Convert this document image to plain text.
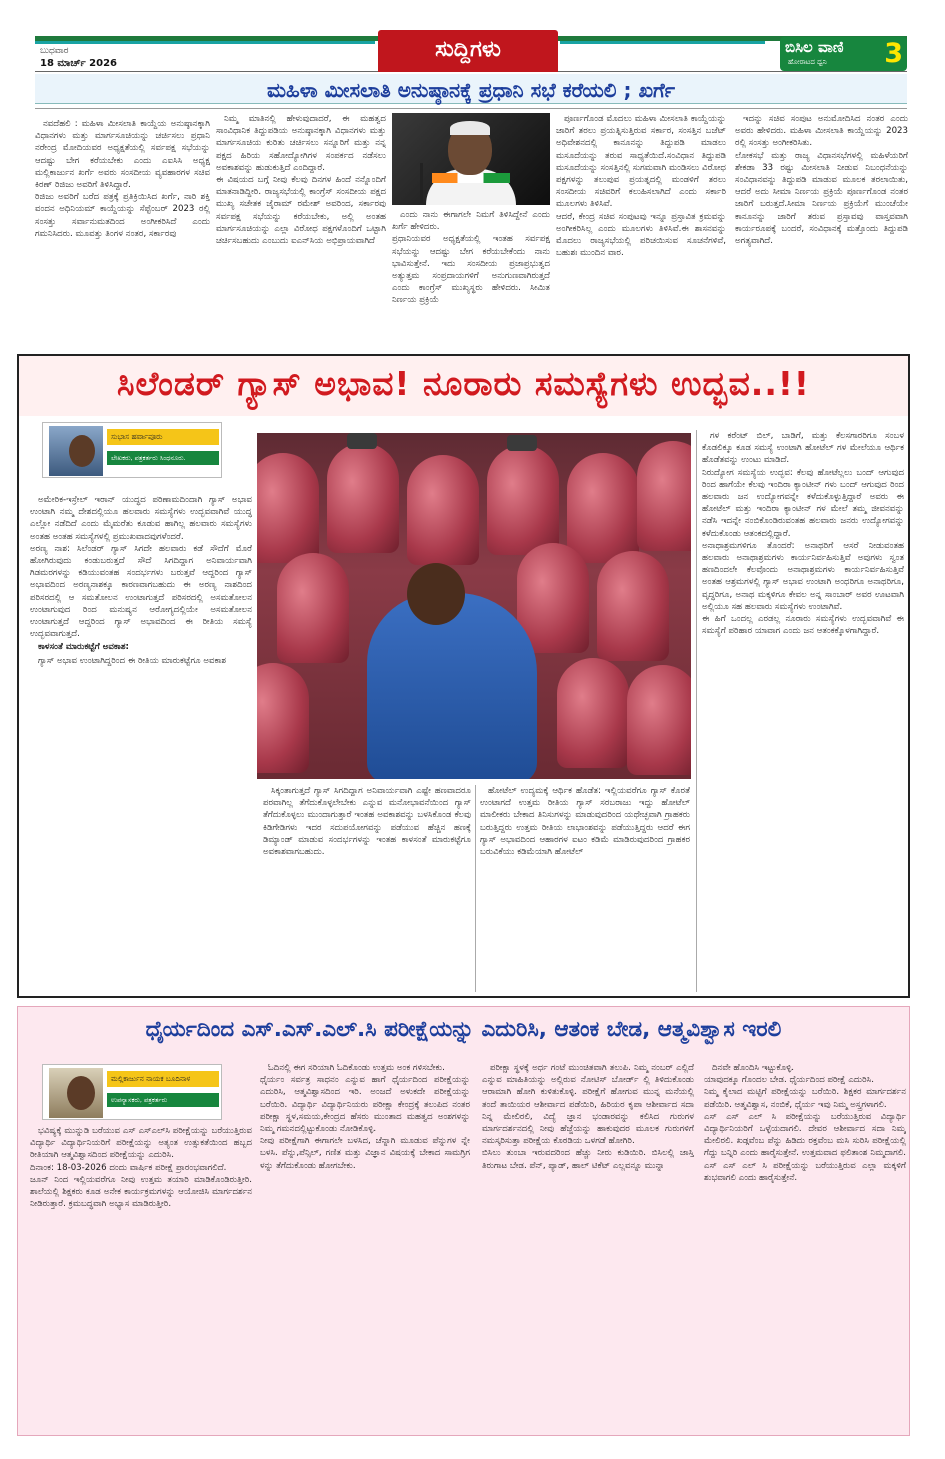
ಬುಧವಾರ
18 ಮಾರ್ಚ್ 2026
ಸುದ್ದಿಗಳು	ಬಿಸಿಲ ವಾಣಿ
ಹೋರಾಟದ ಧ್ವನಿ 3
ಮಹಿಳಾ ಮೀಸಲಾತಿ ಅನುಷ್ಠಾನಕ್ಕೆ ಪ್ರಧಾನಿ ಸಭೆ ಕರೆಯಲಿ ; ಖರ್ಗೆ

ನವದೆಹಲಿ : ಮಹಿಳಾ ಮೀಸಲಾತಿ ಕಾಯ್ದೆಯ ಅನುಷ್ಠಾನಕ್ಕಾಗಿ ವಿಧಾನಗಳು ಮತ್ತು ಮಾರ್ಗಸೂಚಿಯನ್ನು ಚರ್ಚಿಸಲು ಪ್ರಧಾನಿ ನರೇಂದ್ರ ಮೋದಿಯವರ ಅಧ್ಯಕ್ಷತೆಯಲ್ಲಿ ಸರ್ವಪಕ್ಷ ಸಭೆಯನ್ನು ಆದಷ್ಟು ಬೇಗ ಕರೆಯಬೇಕು ಎಂದು ಎಐಸಿಸಿ ಅಧ್ಯಕ್ಷ ಮಲ್ಲಿಕಾರ್ಜುನ ಖರ್ಗೆ ಅವರು ಸಂಸದೀಯ ವ್ಯವಹಾರಗಳ ಸಚಿವ ಕಿರಣ್ ರಿಜಿಜು ಅವರಿಗೆ ತಿಳಿಸಿದ್ದಾರೆ.
ರಿಜಿಜು ಅವರಿಗೆ ಬರೆದ ಪತ್ರಕ್ಕೆ ಪ್ರತಿಕ್ರಿಯಿಸಿದ ಖರ್ಗೆ, ನಾರಿ ಶಕ್ತಿ ವಂದನ ಅಧಿನಿಯಮ್ ಕಾಯ್ದೆಯನ್ನು ಸೆಪ್ಟೆಂಬರ್ 2023 ರಲ್ಲಿ ಸಂಸತ್ತು ಸರ್ವಾನುಮತದಿಂದ ಅಂಗೀಕರಿಸಿದೆ ಎಂದು ಗಮನಿಸಿದರು. ಮೂವತ್ತು ತಿಂಗಳ ನಂತರ, ಸರ್ಕಾರವು

ನಿಮ್ಮ ಮಾತಿನಲ್ಲಿ ಹೇಳುವುದಾದರೆ, ಈ ಮಹತ್ವದ ಸಾಂವಿಧಾನಿಕ ತಿದ್ದುಪಡಿಯ ಅನುಷ್ಠಾನಕ್ಕಾಗಿ ವಿಧಾನಗಳು ಮತ್ತು ಮಾರ್ಗಸೂಚಿಯ ಕುರಿತು ಚರ್ಚಿಸಲು ಸನ್ನೂರಿಗೆ ಮತ್ತು ನನ್ನ ಪಕ್ಷದ ಹಿರಿಯ ಸಹೋದ್ಯೋಗಿಗಳ ಸಂಪರ್ಕದ ನಡೆಸಲು ಅವಕಾಶವನ್ನು ಹುಡುಕುತ್ತಿದೆ ಎಂದಿದ್ದಾರೆ.
ಈ ವಿಷಯದ ಬಗ್ಗೆ ನೀವು ಕೆಲವು ದಿನಗಳ ಹಿಂದೆ ನನ್ನೊಂದಿಗೆ ಮಾತನಾಡಿದ್ದೀರಿ. ರಾಜ್ಯಸಭೆಯಲ್ಲಿ ಕಾಂಗ್ರೆಸ್ ಸಂಸದೀಯ ಪಕ್ಷದ ಮುಖ್ಯ ಸಚೇತಕ ಜೈರಾಮ್ ರಮೇಶ್ ಅವರಿಂದ, ಸರ್ಕಾರವು ಸರ್ವಪಕ್ಷ ಸಭೆಯನ್ನು ಕರೆಯಬೇಕು, ಅಲ್ಲಿ ಅಂತಹ ಮಾರ್ಗಸೂಚಿಯನ್ನು ಎಲ್ಲಾ ವಿರೋಧ ಪಕ್ಷಗಳೊಂದಿಗೆ ಒಟ್ಟಾಗಿ ಚರ್ಚಿಸಬಹುದು ಎಂಬುದು ಐಎನ್‌ಸಿಯ ಅಭಿಪ್ರಾಯವಾಗಿದೆ

ಎಂದು ನಾನು ಈಗಾಗಲೇ ನಿಮಗೆ ತಿಳಿಸಿದ್ದೇನೆ ಎಂದು ಖರ್ಗೆ ಹೇಳಿದರು.
ಪ್ರಧಾನಿಯವರ ಅಧ್ಯಕ್ಷತೆಯಲ್ಲಿ ಇಂತಹ ಸರ್ವಪಕ್ಷ ಸಭೆಯನ್ನು ಆದಷ್ಟು ಬೇಗ ಕರೆಯಬೇಕೆಂದು ನಾನು ಭಾವಿಸುತ್ತೇನೆ. ಇದು ಸಂಸದೀಯ ಪ್ರಜಾಪ್ರಭುತ್ವದ ಅತ್ಯುತ್ತಮ ಸಂಪ್ರದಾಯಗಳಿಗೆ ಅನುಗುಣವಾಗಿರುತ್ತದೆ ಎಂದು ಕಾಂಗ್ರೆಸ್ ಮುಖ್ಯಸ್ಥರು ಹೇಳಿದರು. ಸೀಮಿತ ನಿರ್ಣಯ ಪ್ರಕ್ರಿಯೆ

ಪೂರ್ಣಗೊಂಡ ಮೊದಲು ಮಹಿಳಾ ಮೀಸಲಾತಿ ಕಾಯ್ದೆಯನ್ನು ಜಾರಿಗೆ ತರಲು ಪ್ರಯತ್ನಿಸುತ್ತಿರುವ ಸರ್ಕಾರ, ಸಂಸತ್ತಿನ ಬಜೆಟ್ ಅಧಿವೇಶನದಲ್ಲಿ ಕಾನೂನನ್ನು ತಿದ್ದುಪಡಿ ಮಾಡಲು ಮಸೂದೆಯನ್ನು ತರುವ ಸಾಧ್ಯತೆಯಿದೆ.ಸಂವಿಧಾನ ತಿದ್ದುಪಡಿ ಮಸೂದೆಯನ್ನು ಸಂಸತ್ತಿನಲ್ಲಿ ಸುಗಮವಾಗಿ ಮಂಡಿಸಲು ವಿರೋಧ ಪಕ್ಷಗಳನ್ನು ತಲುಪುವ ಪ್ರಯತ್ನದಲ್ಲಿ ಮಂಡಳಿಗೆ ತರಲು ಸಂಸದೀಯ ಸಚಿವರಿಗೆ ಕಲುಹಿಸಲಾಗಿದೆ ಎಂದು ಸರ್ಕಾರಿ ಮೂಲಗಳು ತಿಳಿಸಿವೆ.
ಆದರೆ, ಕೇಂದ್ರ ಸಚಿವ ಸಂಪುಟವು ಇನ್ನೂ ಪ್ರಸ್ತಾವಿತ ಕ್ರಮವನ್ನು ಅಂಗೀಕರಿಸಿಲ್ಲ ಎಂದು ಮೂಲಗಳು ತಿಳಿಸಿವೆ.ಈ ಶಾಸನವನ್ನು ಮೊದಲು ರಾಜ್ಯಸಭೆಯಲ್ಲಿ ಪರಿಚಯಿಸುವ ಸೂಚನೆಗಳಿವೆ, ಬಹುಶಃ ಮುಂದಿನ ವಾರ.

ಇದನ್ನು ಸಚಿವ ಸಂಪುಟ ಅನುಮೋದಿಸಿದ ನಂತರ ಎಂದು ಅವರು ಹೇಳಿದರು. ಮಹಿಳಾ ಮೀಸಲಾತಿ ಕಾಯ್ದೆಯನ್ನು 2023 ರಲ್ಲಿ ಸಂಸತ್ತು ಅಂಗೀಕರಿಸಿತು.
ಲೋಕಸಭೆ ಮತ್ತು ರಾಜ್ಯ ವಿಧಾನಸಭೆಗಳಲ್ಲಿ ಮಹಿಳೆಯರಿಗೆ ಶೇಕಡಾ 33 ರಷ್ಟು ಮೀಸಲಾತಿ ನೀಡುವ ನಿಬಂಧನೆಯನ್ನು ಸಂವಿಧಾನವನ್ನು ತಿದ್ದುಪಡಿ ಮಾಡುವ ಮೂಲಕ ತರಲಾಯಿತು, ಆದರೆ ಅದು ಸೀಮಾ ನಿರ್ಣಯ ಪ್ರಕ್ರಿಯೆ ಪೂರ್ಣಗೊಂಡ ನಂತರ ಜಾರಿಗೆ ಬರುತ್ತದೆ.ಸೀಮಾ ನಿರ್ಣಯ ಪ್ರಕ್ರಿಯೆಗೆ ಮುಂಚೆಯೇ ಕಾನೂನನ್ನು ಜಾರಿಗೆ ತರುವ ಪ್ರಸ್ತಾವವು ವಾಸ್ತವವಾಗಿ ಕಾರ್ಯರೂಪಕ್ಕೆ ಬಂದರೆ, ಸಂವಿಧಾನಕ್ಕೆ ಮತ್ತೊಂದು ತಿದ್ದುಪಡಿ ಅಗತ್ಯವಾಗಿದೆ.

ಸಿಲೆಂಡರ್ ಗ್ಯಾಸ್ ಅಭಾವ! ನೂರಾರು ಸಮಸ್ಯೆಗಳು ಉದ್ಭವ..!!
ಸುಭಾಸ ಹರ್ವಾಪೂರು
ಲೇಖಕರು, ಪತ್ರಕರ್ತರು ಸಿಂಧನೂರು.

ಅಮೇರಿಕ-ಇಸ್ರೇಲ್ ಇರಾನ್ ಯುದ್ಧದ ಪರಿಣಾಮದಿಂದಾಗಿ ಗ್ಯಾಸ್ ಅಭಾವ ಉಂಟಾಗಿ ನಮ್ಮ ದೇಶದಲ್ಲಿಯೂ ಹಲವಾರು ಸಮಸ್ಯೆಗಳು ಉದ್ಭವವಾಗಿವೆ ಯುದ್ಧ ಎಲ್ಲೋ ನಡೆದಿದೆ ಎಂದು ಮೈಮರೆತು ಕೂಡುವ ಹಾಗಿಲ್ಲ ಹಲವಾರು ಸಮಸ್ಯೆಗಳು ಅಂತಹ ಅಂತಹ ಸಮಸ್ಯೆಗಳಲ್ಲಿ ಪ್ರಮುಖವಾದವುಗಳೆಂದರೆ.
ಅರಣ್ಯ ನಾಶ: ಸಿಲೆಂಡರ್ ಗ್ಯಾಸ್ ಸಿಗದೇ ಹಲವಾರು ಕಡೆ ಸೌದೆಗೆ ಮೊರೆ ಹೋಗಿರುವುದು ಕಂಡುಬರುತ್ತದೆ ಸೌದೆ ಸಿಗದಿದ್ದಾಗ ಅನಿವಾರ್ಯವಾಗಿ ಗಿಡಮರಗಳನ್ನು ಕಡಿಯುವಂತಹ ಸಂದರ್ಭಗಳು ಬರುತ್ತವೆ ಆದ್ದರಿಂದ ಗ್ಯಾಸ್ ಅಭಾವದಿಂದ ಅರಣ್ಯನಾಶಕ್ಕೂ ಕಾರಣವಾಗಬಹುದು ಈ ಅರಣ್ಯ ನಾಶದಿಂದ ಪರಿಸರದಲ್ಲಿ ಆ ಸಮತೋಲನ ಉಂಟಾಗುತ್ತದೆ ಪರಿಸರದಲ್ಲಿ ಅಸಮತೋಲನ ಉಂಟಾಗುವುದ ರಿಂದ ಮನುಷ್ಯನ ಆರೋಗ್ಯದಲ್ಲಿಯೇ ಅಸಮತೋಲನ ಉಂಟಾಗುತ್ತದೆ ಆದ್ದರಿಂದ ಗ್ಯಾಸ್ ಅಭಾವದಿಂದ ಈ ರೀತಿಯ ಸಮಸ್ಯೆ ಉದ್ಭವವಾಗುತ್ತದೆ.

ಕಾಳಸಂತೆ ಮಾರುಕಟ್ಟೆಗೆ ಅವಕಾಶ:

ಗ್ಯಾಸ್ ಅಭಾವ ಉಂಟಾಗಿದ್ದರಿಂದ ಈ ರೀತಿಯ ಮಾರುಕಟ್ಟೆಗೂ ಅವಕಾಶ

ಸಿಕ್ಕಂತಾಗುತ್ತದೆ ಗ್ಯಾಸ್ ಸಿಗದಿದ್ದಾಗ ಅನಿವಾರ್ಯವಾಗಿ ಎಷ್ಟೇ ಹಣವಾದರೂ ಪರವಾಗಿಲ್ಲ ತೆಗೆದುಕೊಳ್ಳಲೇಬೇಕು ಎನ್ನುವ ಮನೋಭಾವನೆಯಿಂದ ಗ್ಯಾಸ್ ತೆಗೆದುಕೊಳ್ಳಲು ಮುಂದಾಗುತ್ತಾರೆ ಇಂತಹ ಅವಕಾಶವನ್ನು ಬಳಸಿಕೊಂಡ ಕೆಲವು ಕಿಡಿಗೇಡಿಗಳು ಇದರ ಸದುಪಯೋಗವನ್ನು ಪಡೆಯುವ ಹೆಚ್ಚಿನ ಹಣಕ್ಕೆ ಡಿಮ್ಯಾಂಡ್ ಮಾಡುವ ಸಂದರ್ಭಗಳನ್ನು ಇಂತಹ ಕಾಳಸಂತೆ ಮಾರುಕಟ್ಟೆಗೂ ಅವಕಾಶವಾಗಬಹುದು.

ಹೋಟೆಲ್ ಉದ್ಯಮಕ್ಕೆ ಆರ್ಥಿಕ ಹೊಡೆತ: ಇಲ್ಲಿಯವರೆಗೂ ಗ್ಯಾಸ್ ಕೊರತೆ ಉಂಟಾಗದೆ ಉತ್ತಮ ರೀತಿಯ ಗ್ಯಾಸ್ ಸರಬರಾಜು ಇದ್ದು ಹೋಟೆಲ್ ಮಾಲೀಕರು ಬೇಕಾದ ತಿನಿಸುಗಳನ್ನು ಮಾಡುವುದರಿಂದ ಯಥೇಚ್ಛವಾಗಿ ಗ್ರಾಹಕರು ಬರುತ್ತಿದ್ದರು ಉತ್ತಮ ರೀತಿಯ ಲಾಭಾಂಶವನ್ನು ಪಡೆಯುತ್ತಿದ್ದರು ಆದರೆ ಈಗ ಗ್ಯಾಸ್ ಅಭಾವದಿಂದ ಆಹಾರಗಳ ಐಟಂ ಕಡಿಮೆ ಮಾಡಿರುವುದರಿಂದ ಗ್ರಾಹಕರ ಬರುವಿಕೆಯು ಕಡಿಮೆಯಾಗಿ ಹೋಟೆಲ್

ಗಳ ಕರೆಂಟ್ ಬಿಲ್, ಬಾಡಿಗೆ, ಮತ್ತು ಕೆಲಸಗಾರರಿಗೂ ಸಂಬಳ ಕೊಡಲಿಕ್ಕೂ ಕೂಡ ಸಮಸ್ಯೆ ಉಂಟಾಗಿ ಹೋಟೆಲ್ ಗಳ ಮೇಲೆಯೂ ಆರ್ಥಿಕ ಹೊಡೆತವನ್ನು ಉಂಟು ಮಾಡಿದೆ.
ನಿರುದ್ಯೋಗ ಸಮಸ್ಯೆಯ ಉದ್ಭವ: ಕೆಲವು ಹೋಟೆಲ್ಲಲು ಬಂದ್ ಆಗುವುದ ರಿಂದ ಹಾಗೆಯೇ ಕೆಲವು ಇಂದಿರಾ ಕ್ಯಾಂಟೀನ್ ಗಳು ಬಂದ್ ಆಗುವುದ ರಿಂದ ಹಲವಾರು ಜನ ಉದ್ಯೋಗವನ್ನೇ ಕಳೆದುಕೊಳ್ಳುತ್ತಿದ್ದಾರೆ ಅವರು ಈ ಹೋಟೆಲ್ ಮತ್ತು ಇಂದಿರಾ ಕ್ಯಾಂಟೀನ್ ಗಳ ಮೇಲೆ ತಮ್ಮ ಜೀವನವನ್ನು ನಡೆಸಿ ಇದನ್ನೇ ನಂಬಿಕೊಂಡಿರುವಂತಹ ಹಲವಾರು ಜನರು ಉದ್ಯೋಗವನ್ನು ಕಳೆದುಕೊಂಡು ಆತಂಕದಲ್ಲಿದ್ದಾರೆ.
ಅನಾಥಾಶ್ರಮಗಳಿಗೂ ತೊಂದರೆ: ಅನಾಥರಿಗೆ ಆಸರೆ ನೀಡುವಂತಹ ಹಲವಾರು ಅನಾಥಾಶ್ರಮಗಳು ಕಾರ್ಯನಿರ್ವಹಿಸುತ್ತಿವೆ ಅವುಗಳು ಸ್ವಂತ ಹಣದಿಂದಲೇ ಕೆಲವೊಂದು ಅನಾಥಾಶ್ರಮಗಳು ಕಾರ್ಯನಿರ್ವಹಿಸುತ್ತಿವೆ ಅಂತಹ ಆಶ್ರಮಗಳಲ್ಲಿ ಗ್ಯಾಸ್ ಅಭಾವ ಉಂಟಾಗಿ ಅಂಧರಿಗೂ ಅನಾಥರಿಗೂ, ವೃದ್ಧರಿಗೂ, ಅನಾಥ ಮಕ್ಕಳಿಗೂ ಕೇವಲ ಅನ್ನ ಸಾಂಬಾರ್ ಅವರ ಊಟವಾಗಿ ಅಲ್ಲಿಯೂ ಸಹ ಹಲವಾರು ಸಮಸ್ಯೆಗಳು ಉಂಟಾಗಿವೆ.
ಈ ಹಿಗೆ ಒಂದಲ್ಲ ಎರಡಲ್ಲ ನೂರಾರು ಸಮಸ್ಯೆಗಳು ಉದ್ಭವವಾಗಿವೆ ಈ ಸಮಸ್ಯೆಗೆ ಪರಿಹಾರ ಯಾವಾಗ ಎಂದು ಜನ ಆತಂಕಕ್ಕೊಳಗಾಗಿದ್ದಾರೆ.

ಧೈರ್ಯದಿಂದ ಎಸ್.ಎಸ್.ಎಲ್.ಸಿ ಪರೀಕ್ಷೆಯನ್ನು ಎದುರಿಸಿ, ಆತಂಕ ಬೇಡ, ಆತ್ಮವಿಶ್ವಾಸ ಇರಲಿ
ಮಲ್ಲಿಕಾರ್ಜುನ ನಾಯಕ ಬೂದಿನಾಳ
ಉಪನ್ಯಾಸಕರು, ಪತ್ರಕರ್ತರು

ಭವಿಷ್ಯಕ್ಕೆ ಮುನ್ನುಡಿ ಬರೆಯುವ ಎಸ್ ಎಸ್‌ಎಲ್‌ಸಿ ಪರೀಕ್ಷೆಯನ್ನು ಬರೆಯುತ್ತಿರುವ ವಿದ್ಯಾರ್ಥಿ ವಿದ್ಯಾರ್ಥಿನಿಯರಿಗೆ ಪರೀಕ್ಷೆಯನ್ನು ಅತ್ಯಂತ ಉತ್ಸುಕತೆಯಿಂದ ಹಬ್ಬದ ರೀತಿಯಾಗಿ ಆತ್ಮವಿಶ್ವಾಸದಿಂದ ಪರೀಕ್ಷೆಯನ್ನು ಎದುರಿಸಿ.
ದಿನಾಂಕ: 18-03-2026 ದಂದು ವಾರ್ಷಿಕ ಪರೀಕ್ಷೆ ಪ್ರಾರಂಭವಾಗಲಿದೆ.
ಜೂನ್ ನಿಂದ ಇಲ್ಲಿಯವರೆಗೂ ನೀವು ಉತ್ತಮ ತಯಾರಿ ಮಾಡಿಕೊಂಡಿರುತ್ತೀರಿ. ಶಾಲೆಯಲ್ಲಿ ಶಿಕ್ಷಕರು ಕೂಡ ಅನೇಕ ಕಾರ್ಯಕ್ರಮಗಳನ್ನು ಆಯೋಜಿಸಿ ಮಾರ್ಗದರ್ಶನ ನೀಡಿರುತ್ತಾರೆ. ಕ್ರಮಬದ್ಧವಾಗಿ ಅಭ್ಯಾಸ ಮಾಡಿರುತ್ತೀರಿ.

ಓದಿನಲ್ಲಿ ಈಗ ಸರಿಯಾಗಿ ಓದಿಕೊಂಡು ಉತ್ತಮ ಅಂಕ ಗಳಿಸಬೇಕು.
ಧೈರ್ಯಂ ಸರ್ವತ್ರ ಸಾಧನಂ ಎನ್ನುವ ಹಾಗೆ ಧೈರ್ಯದಿಂದ ಪರೀಕ್ಷೆಯನ್ನು ಎದುರಿಸಿ, ಆತ್ಮವಿಶ್ವಾಸದಿಂದ ಇರಿ. ಅಂಜದೆ ಅಳುಕದೇ ಪರೀಕ್ಷೆಯನ್ನು ಬರೆಯಿರಿ. ವಿದ್ಯಾರ್ಥಿ ವಿದ್ಯಾರ್ಥಿನಿಯರು ಪರೀಕ್ಷಾ ಕೇಂದ್ರಕ್ಕೆ ತಲುಪಿದ ನಂತರ ಪರೀಕ್ಷಾ ಸ್ಥಳ,ಸಮಯ,ಕೇಂದ್ರದ ಹೆಸರು ಮುಂತಾದ ಮಹತ್ವದ ಅಂಶಗಳನ್ನು ನಿಮ್ಮ ಗಮನದಲ್ಲಿಟ್ಟುಕೊಂಡು ನೋಡಿಕೊಳ್ಳಿ.
ನೀವು ಪರೀಕ್ಷೆಗಾಗಿ ಈಗಾಗಲೇ ಬಳಸಿದ, ಚೆನ್ನಾಗಿ ಮೂಡುವ ಪೆನ್ನುಗಳ ನ್ನೇ ಬಳಸಿ. ಪೆನ್ನು,ಪೆನ್ಸಿಲ್, ಗಣಿತ ಮತ್ತು ವಿಜ್ಞಾನ ವಿಷಯಕ್ಕೆ ಬೇಕಾದ ಸಾಮಗ್ರಿಗ ಳನ್ನು ತೆಗೆದುಕೊಂಡು ಹೋಗಬೇಕು.

ಪರೀಕ್ಷಾ ಸ್ಥಳಕ್ಕೆ ಅರ್ಧ ಗಂಟೆ ಮುಂಚಿತವಾಗಿ ತಲುಪಿ. ನಿಮ್ಮ ನಂಬರ್ ಎಲ್ಲಿದೆ ಎನ್ನುವ ಮಾಹಿತಿಯನ್ನು ಅಲ್ಲಿರುವ ನೋಟಿಸ್ ಬೋರ್ಡ್ ಲ್ಲಿ ತಿಳಿದುಕೊಂಡು ಆರಾಮಾಗಿ ಹೋಗಿ ಕುಳಿತುಕೊಳ್ಳಿ. ಪರೀಕ್ಷೆಗೆ ಹೋಗುವ ಮುನ್ನ ಮನೆಯಲ್ಲಿ ತಂದೆ ತಾಯಿಯರ ಆಶೀರ್ವಾದ ಪಡೆಯಿರಿ, ಹಿರಿಯರ ಕೃಪಾ ಆಶೀರ್ವಾದ ಸದಾ ನಿನ್ನ ಮೇಲಿರಲಿ, ವಿದ್ಯೆ ಜ್ಞಾನ ಭಂಡಾರವನ್ನು ಕಲಿಸಿದ ಗುರುಗಳ ಮಾರ್ಗದರ್ಶನದಲ್ಲಿ ನೀವು ಹೆಜ್ಜೆಯನ್ನು ಹಾಕುವುದರ ಮೂಲಕ ಗುರುಗಳಿಗೆ ನಮಸ್ಕರಿಸುತ್ತಾ ಪರೀಕ್ಷೆಯ ಕೊಠಡಿಯ ಒಳಗಡೆ ಹೋಗಿರಿ.
ಬಿಸಿಲು ತುಂಬಾ ಇರುವದರಿಂದ ಹೆಚ್ಚು ನೀರು ಕುಡಿಯಿರಿ. ಬಿಸಿಲಲ್ಲಿ ಜಾಸ್ತಿ ತಿರುಗಾಟ ಬೇಡ. ಪೆನ್, ಪ್ಯಾಡ್, ಹಾಲ್ ಟಿಕೆಟ್ ಎಲ್ಲವನ್ನೂ ಮುನ್ನಾ

ದಿನವೇ ಹೊಂದಿಸಿ ಇಟ್ಟುಕೊಳ್ಳಿ.
ಯಾವುದಕ್ಕೂ ಗೊಂದಲ ಬೇಡ. ಧೈರ್ಯದಿಂದ ಪರೀಕ್ಷೆ ಎದುರಿಸಿ.
ನಿಮ್ಮ ಕೈಲಾದ ಮಟ್ಟಿಗೆ ಪರೀಕ್ಷೆಯನ್ನು ಬರೆಯಿರಿ. ಶಿಕ್ಷಕರ ಮಾರ್ಗದರ್ಶನ ಪಡೆಯಿರಿ. ಆತ್ಮವಿಶ್ವಾಸ, ನಂಬಿಕೆ, ಧೈರ್ಯ ಇವು ನಿಮ್ಮ ಅಸ್ತ್ರಗಳಾಗಲಿ.
ಎಸ್ ಎಸ್ ಎಲ್ ಸಿ ಪರೀಕ್ಷೆಯನ್ನು ಬರೆಯುತ್ತಿರುವ ವಿದ್ಯಾರ್ಥಿ ವಿದ್ಯಾರ್ಥಿನಿಯರಿಗೆ ಒಳ್ಳೆಯದಾಗಲಿ. ದೇವರ ಆಶೀರ್ವಾದ ಸದಾ ನಿಮ್ಮ ಮೇಲಿರಲಿ. ಖಡ್ಗವೆಂಬ ಪೆನ್ನು ಹಿಡಿದು ರಕ್ತವೆಂಬ ಮಸಿ ಸುರಿಸಿ ಪರೀಕ್ಷೆಯಲ್ಲಿ ಗೆದ್ದು ಬನ್ನಿರಿ ಎಂದು ಹಾರೈಸುತ್ತೇನೆ. ಉತ್ತಮವಾದ ಫಲಿತಾಂಶ ನಿಮ್ಮದಾಗಲಿ. ಎಸ್ ಎಸ್ ಎಲ್ ಸಿ ಪರೀಕ್ಷೆಯನ್ನು ಬರೆಯುತ್ತಿರುವ ಎಲ್ಲಾ ಮಕ್ಕಳಿಗೆ ಶುಭವಾಗಲಿ ಎಂದು ಹಾರೈಸುತ್ತೇನೆ.
